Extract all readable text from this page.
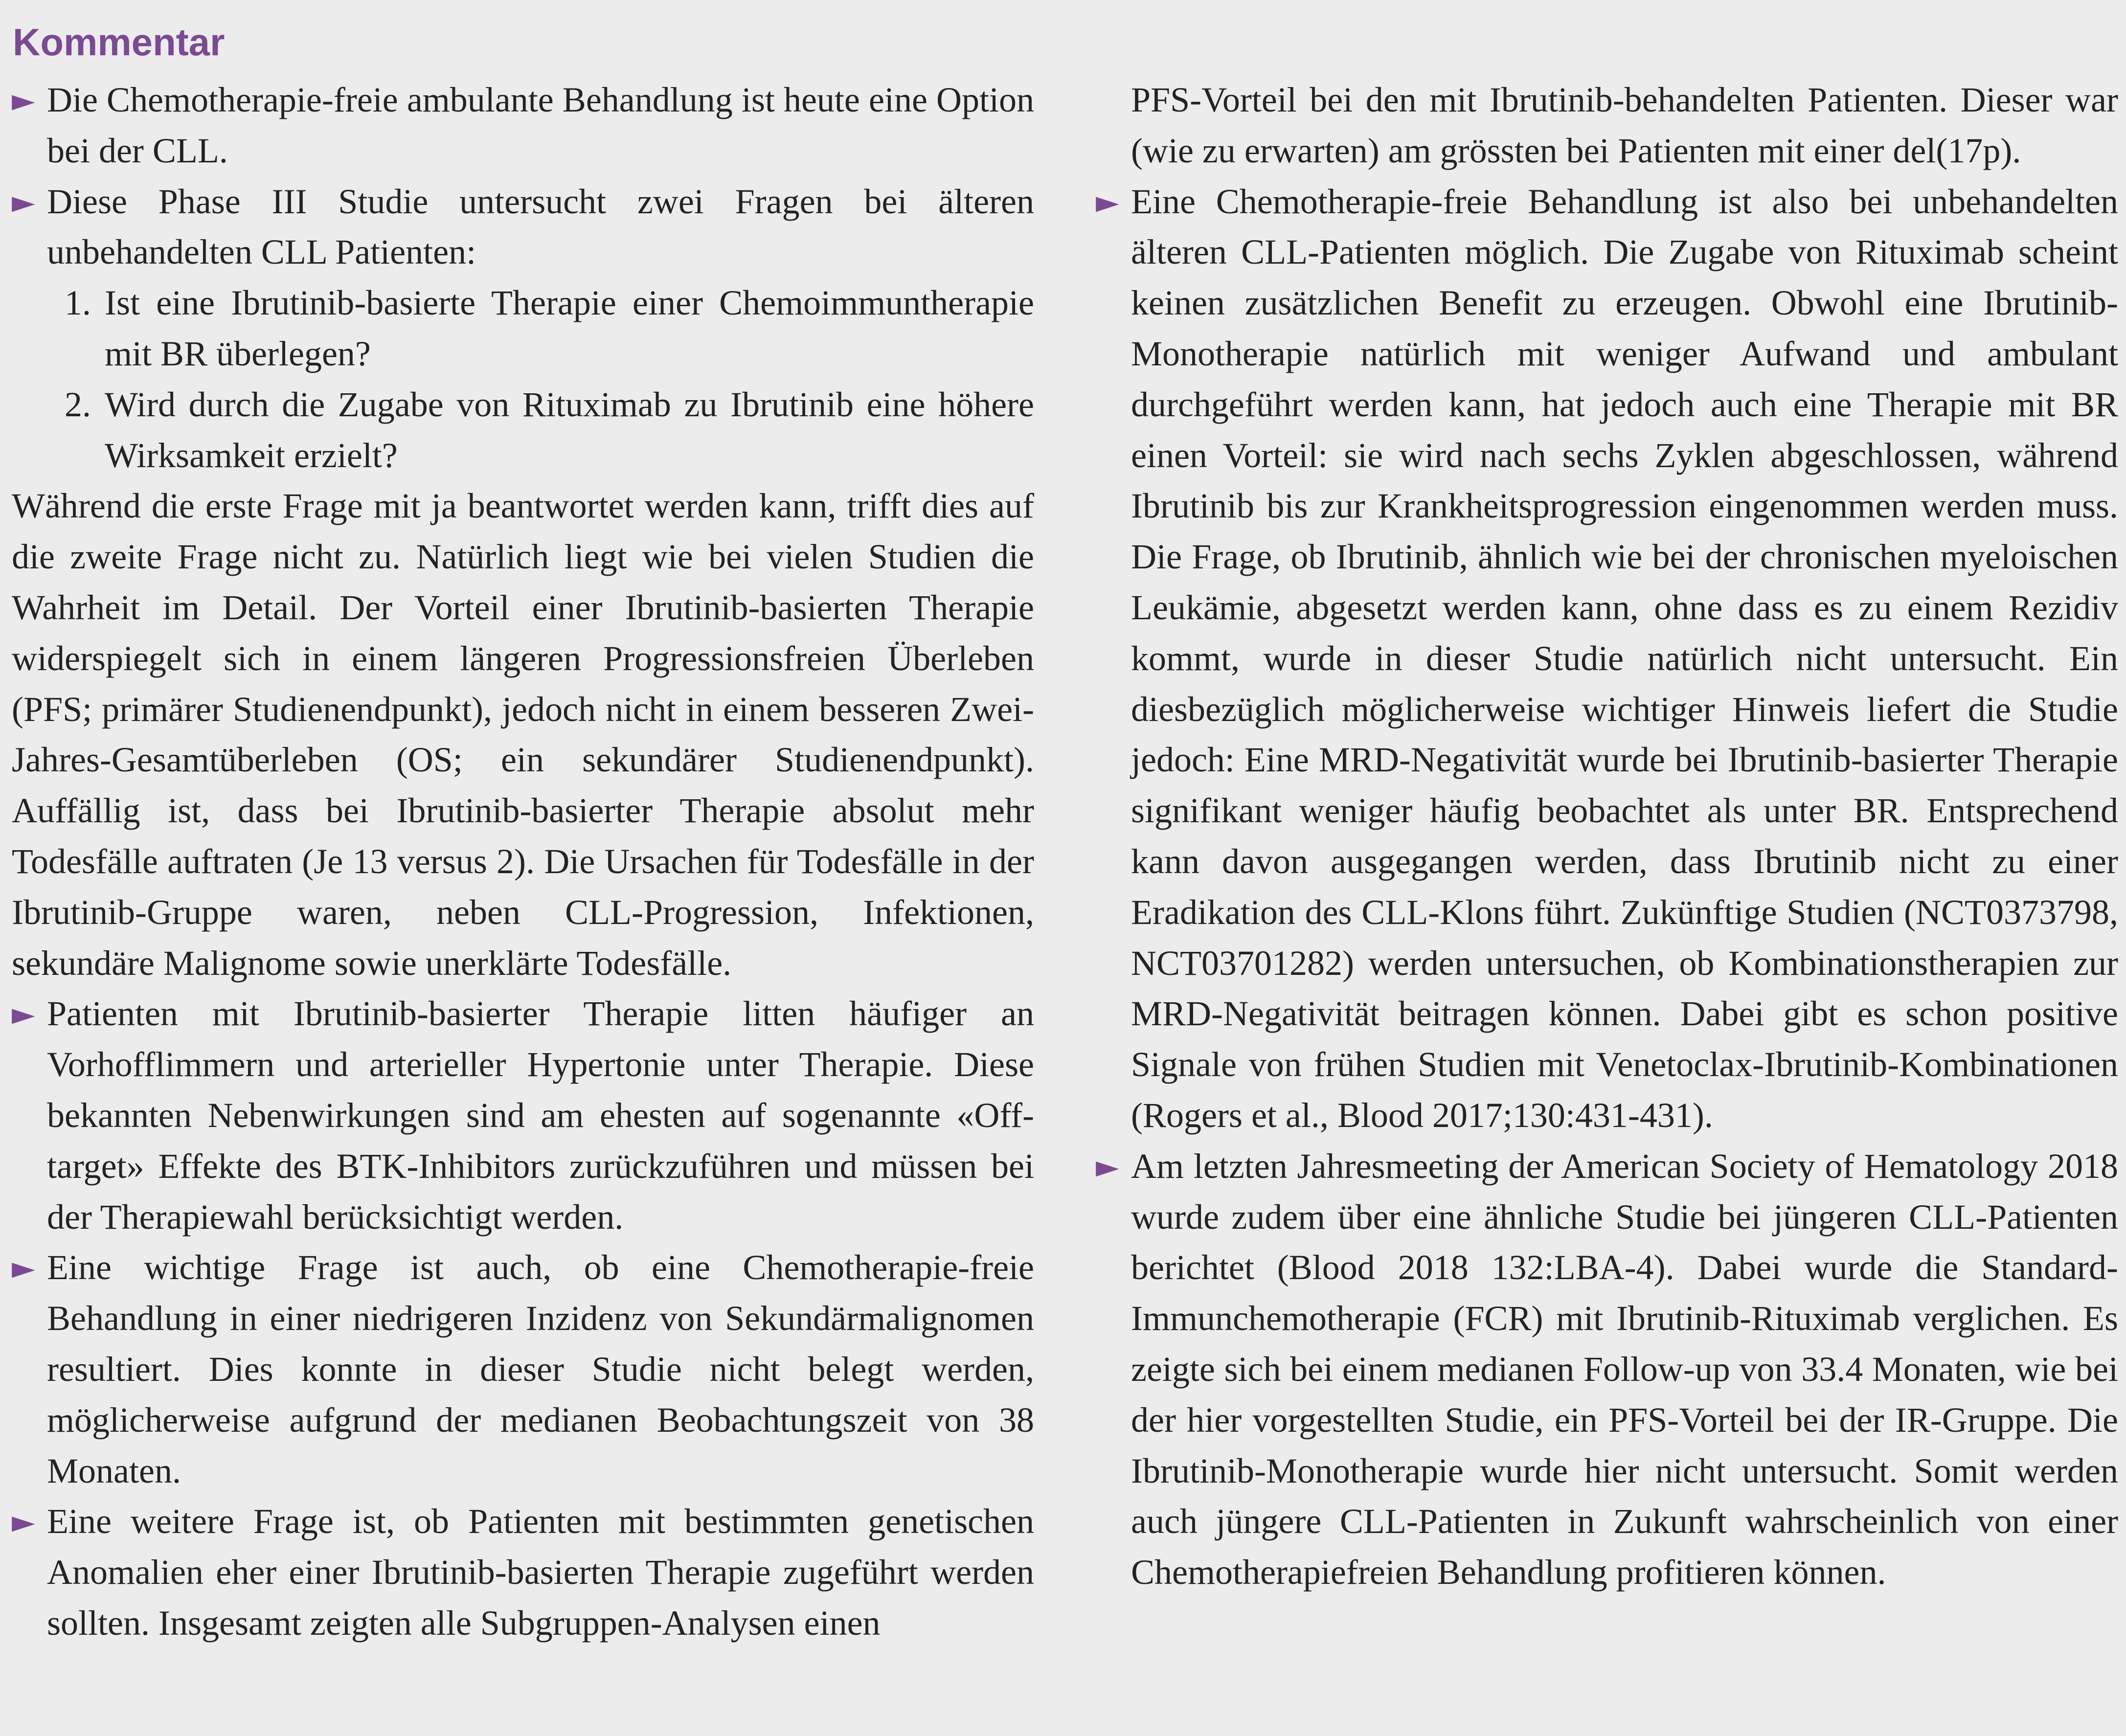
Kommentar

► Die Chemotherapie-freie ambulante Behandlung ist heute eine Option bei der CLL.

► Diese Phase III Studie untersucht zwei Fragen bei älteren unbehandelten CLL Patienten:

1. Ist eine Ibrutinib-basierte Therapie einer Chemoimmuntherapie mit BR überlegen?

2. Wird durch die Zugabe von Rituximab zu Ibrutinib eine höhere Wirksamkeit erzielt?

Während die erste Frage mit ja beantwortet werden kann, trifft dies auf die zweite Frage nicht zu. Natürlich liegt wie bei vielen Studien die Wahrheit im Detail. Der Vorteil einer Ibrutinib-basierten Therapie widerspiegelt sich in einem längeren Progressionsfreien Überleben (PFS; primärer Studienendpunkt), jedoch nicht in einem besseren Zwei-Jahres-Gesamtüberleben (OS; ein sekundärer Studienendpunkt). Auffällig ist, dass bei Ibrutinib-basierter Therapie absolut mehr Todesfälle auftraten (Je 13 versus 2). Die Ursachen für Todesfälle in der Ibrutinib-Gruppe waren, neben CLL-Progression, Infektionen, sekundäre Malignome sowie unerklärte Todesfälle.

► Patienten mit Ibrutinib-basierter Therapie litten häufiger an Vorhofflimmern und arterieller Hypertonie unter Therapie. Diese bekannten Nebenwirkungen sind am ehesten auf sogenannte «Off-target» Effekte des BTK-Inhibitors zurückzuführen und müssen bei der Therapiewahl berücksichtigt werden.

► Eine wichtige Frage ist auch, ob eine Chemotherapie-freie Behandlung in einer niedrigeren Inzidenz von Sekundärmalignomen resultiert. Dies konnte in dieser Studie nicht belegt werden, möglicherweise aufgrund der medianen Beobachtungszeit von 38 Monaten.

► Eine weitere Frage ist, ob Patienten mit bestimmten genetischen Anomalien eher einer Ibrutinib-basierten Therapie zugeführt werden sollten. Insgesamt zeigten alle Subgruppen-Analysen einen

PFS-Vorteil bei den mit Ibrutinib-behandelten Patienten. Dieser war (wie zu erwarten) am grössten bei Patienten mit einer del(17p).

► Eine Chemotherapie-freie Behandlung ist also bei unbehandelten älteren CLL-Patienten möglich. Die Zugabe von Rituximab scheint keinen zusätzlichen Benefit zu erzeugen. Obwohl eine Ibrutinib-Monotherapie natürlich mit weniger Aufwand und ambulant durchgeführt werden kann, hat jedoch auch eine Therapie mit BR einen Vorteil: sie wird nach sechs Zyklen abgeschlossen, während Ibrutinib bis zur Krankheitsprogression eingenommen werden muss. Die Frage, ob Ibrutinib, ähnlich wie bei der chronischen myeloischen Leukämie, abgesetzt werden kann, ohne dass es zu einem Rezidiv kommt, wurde in dieser Studie natürlich nicht untersucht. Ein diesbezüglich möglicherweise wichtiger Hinweis liefert die Studie jedoch: Eine MRD-Negativität wurde bei Ibrutinib-basierter Therapie signifikant weniger häufig beobachtet als unter BR. Entsprechend kann davon ausgegangen werden, dass Ibrutinib nicht zu einer Eradikation des CLL-Klons führt. Zukünftige Studien (NCT0373798, NCT03701282) werden untersuchen, ob Kombinationstherapien zur MRD-Negativität beitragen können. Dabei gibt es schon positive Signale von frühen Studien mit Venetoclax-Ibrutinib-Kombinationen (Rogers et al., Blood 2017;130:431-431).

► Am letzten Jahresmeeting der American Society of Hematology 2018 wurde zudem über eine ähnliche Studie bei jüngeren CLL-Patienten berichtet (Blood 2018 132:LBA-4). Dabei wurde die Standard-Immunchemotherapie (FCR) mit Ibrutinib-Rituximab verglichen. Es zeigte sich bei einem medianen Follow-up von 33.4 Monaten, wie bei der hier vorgestellten Studie, ein PFS-Vorteil bei der IR-Gruppe. Die Ibrutinib-Monotherapie wurde hier nicht untersucht. Somit werden auch jüngere CLL-Patienten in Zukunft wahrscheinlich von einer Chemotherapiefreien Behandlung profitieren können.
